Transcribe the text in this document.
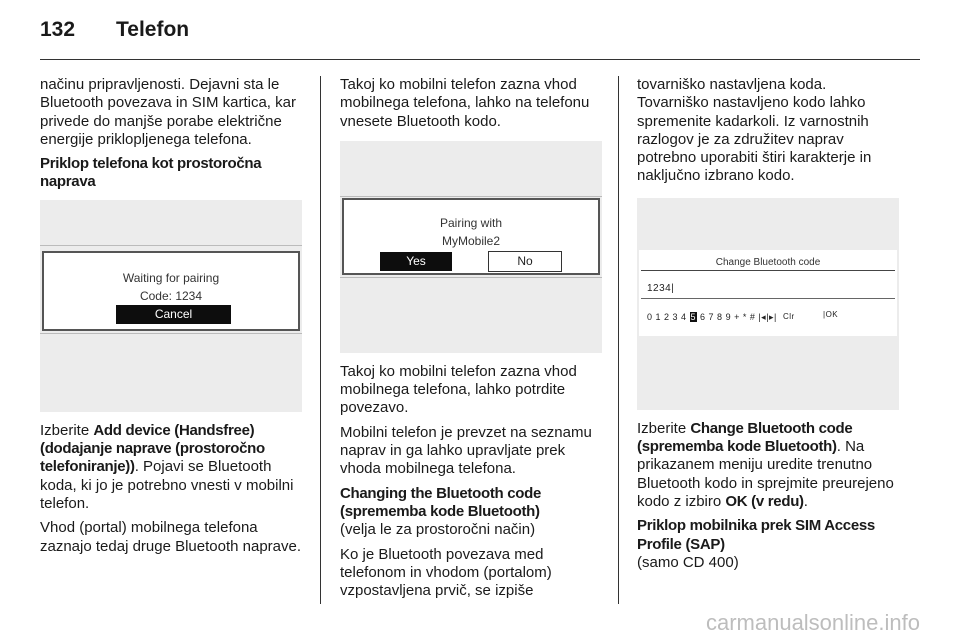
132 Telefon

načinu pripravljenosti. Dejavni sta le Bluetooth povezava in SIM kartica, kar privede do manjše porabe električne energije priklopljenega telefona.

Priklop telefona kot prostoročna naprava

Waiting for pairing
Code: 1234
Cancel

Izberite Add device (Handsfree) (dodajanje naprave (prostoročno telefoniranje)). Pojavi se Bluetooth koda, ki jo je potrebno vnesti v mobilni telefon.

Vhod (portal) mobilnega telefona zaznajo tedaj druge Bluetooth naprave.

Takoj ko mobilni telefon zazna vhod mobilnega telefona, lahko na telefonu vnesete Bluetooth kodo.

Pairing with
MyMobile2
Yes	No

Takoj ko mobilni telefon zazna vhod mobilnega telefona, lahko potrdite povezavo.

Mobilni telefon je prevzet na seznamu naprav in ga lahko upravljate prek vhoda mobilnega telefona.

Changing the Bluetooth code (sprememba kode Bluetooth)

(velja le za prostoročni način)

Ko je Bluetooth povezava med telefonom in vhodom (portalom) vzpostavljena prvič, se izpiše

tovarniško nastavljena koda. Tovarniško nastavljeno kodo lahko spremenite kadarkoli. Iz varnostnih razlogov je za združitev naprav potrebno uporabiti štiri karakterje in naključno izbrano kodo.

Change Bluetooth code
1234|
0 1 2 3 4 5 6 7 8 9 + * # |◂|▸| Clr	|OK

Izberite Change Bluetooth code (sprememba kode Bluetooth). Na prikazanem meniju uredite trenutno Bluetooth kodo in sprejmite preurejeno kodo z izbiro OK (v redu).

Priklop mobilnika prek SIM Access Profile (SAP)

(samo CD 400)

carmanualsonline.info
